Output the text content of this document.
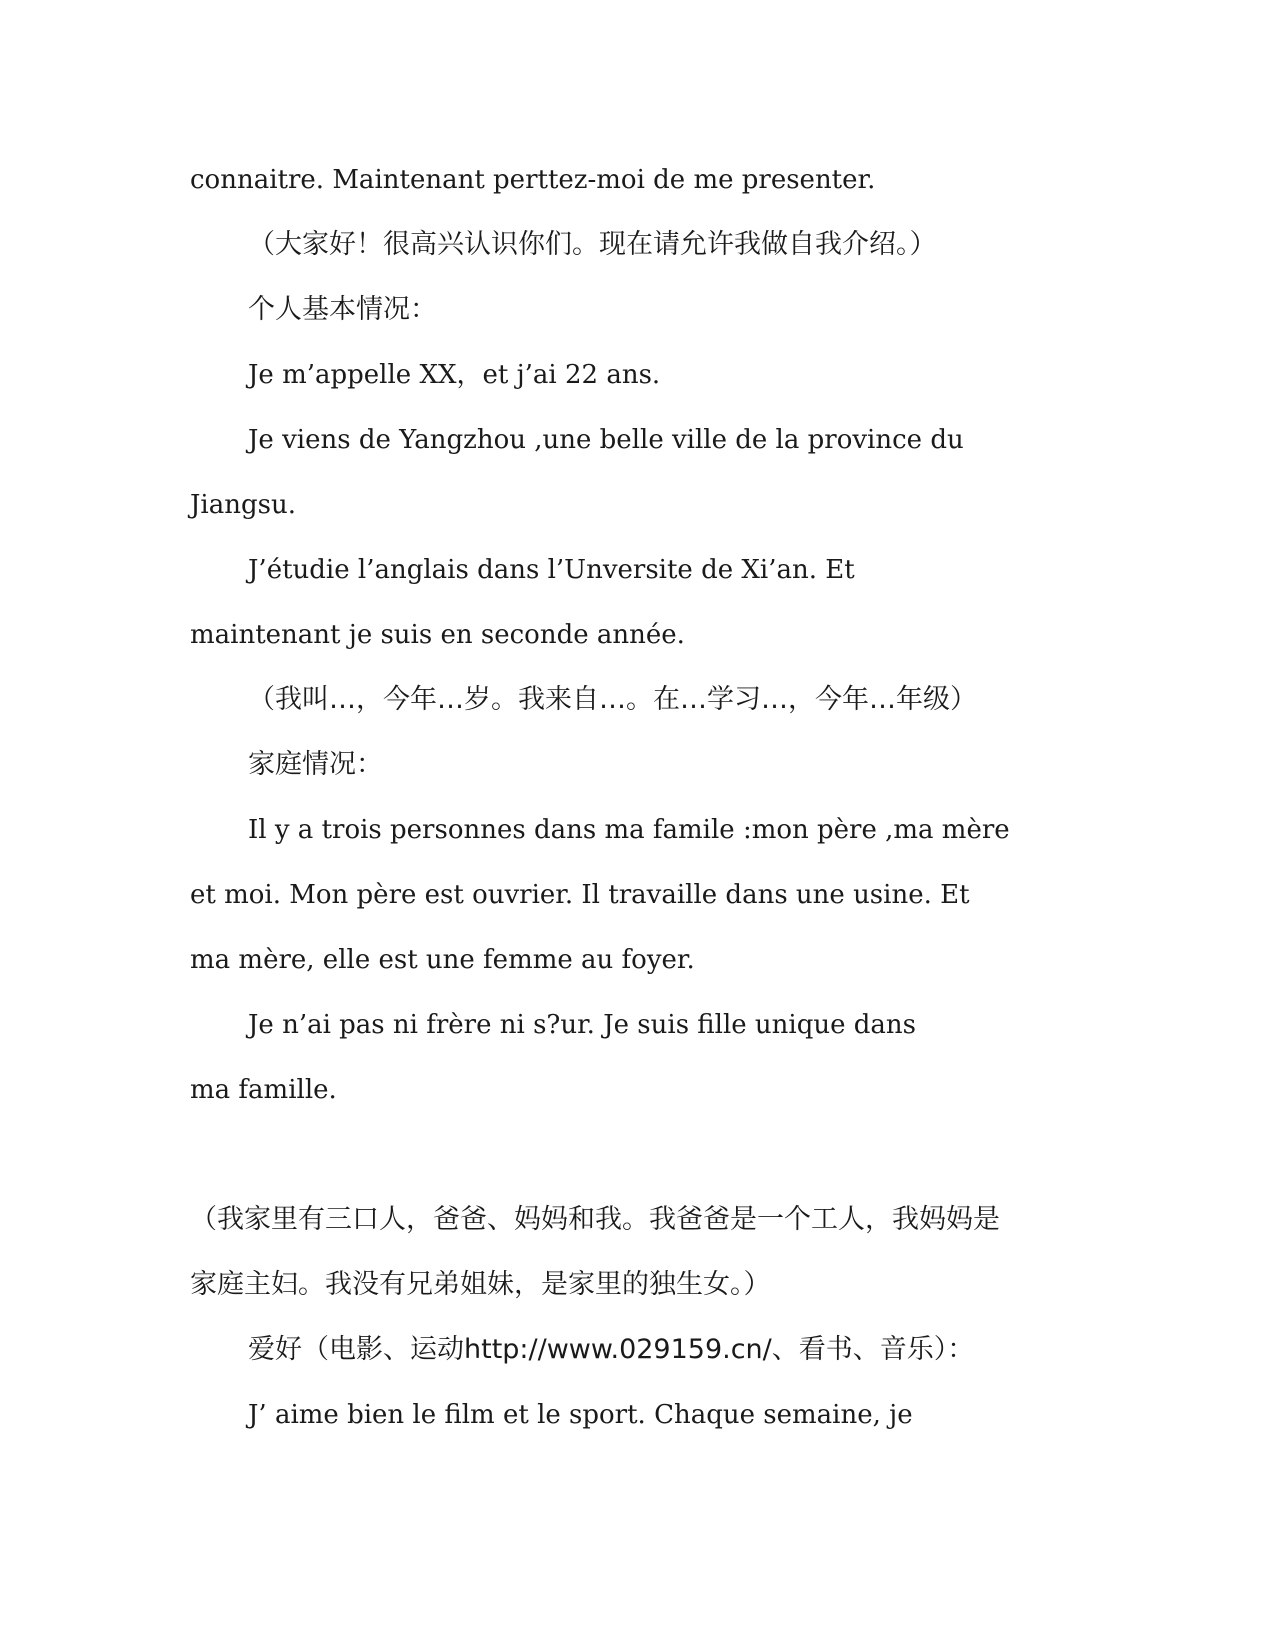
connaitre. Maintenant perttez-moi de me presenter.
（大家好！很高兴认识你们。现在请允许我做自我介绍。）
个人基本情况：
Je m’appelle XX，et j’ai 22 ans.
Je viens de Yangzhou ,une belle ville de la province du
Jiangsu.
J’étudie l’anglais dans l’Unversite de Xi’an. Et
maintenant je suis en seconde année.
（我叫…，今年…岁。我来自…。在…学习…，今年…年级）
家庭情况：
Il y a trois personnes dans ma famile :mon père ,ma mère
et moi. Mon père est ouvrier. Il travaille dans une usine. Et
ma mère, elle est une femme au foyer.
Je n’ai pas ni frère ni s?ur. Je suis fille unique dans
ma famille.
（我家里有三口人，爸爸、妈妈和我。我爸爸是一个工人，我妈妈是
家庭主妇。我没有兄弟姐妹，是家里的独生女。）
爱好（电影、运动http://www.029159.cn/、看书、音乐）：
J’ aime bien le film et le sport. Chaque semaine, je
